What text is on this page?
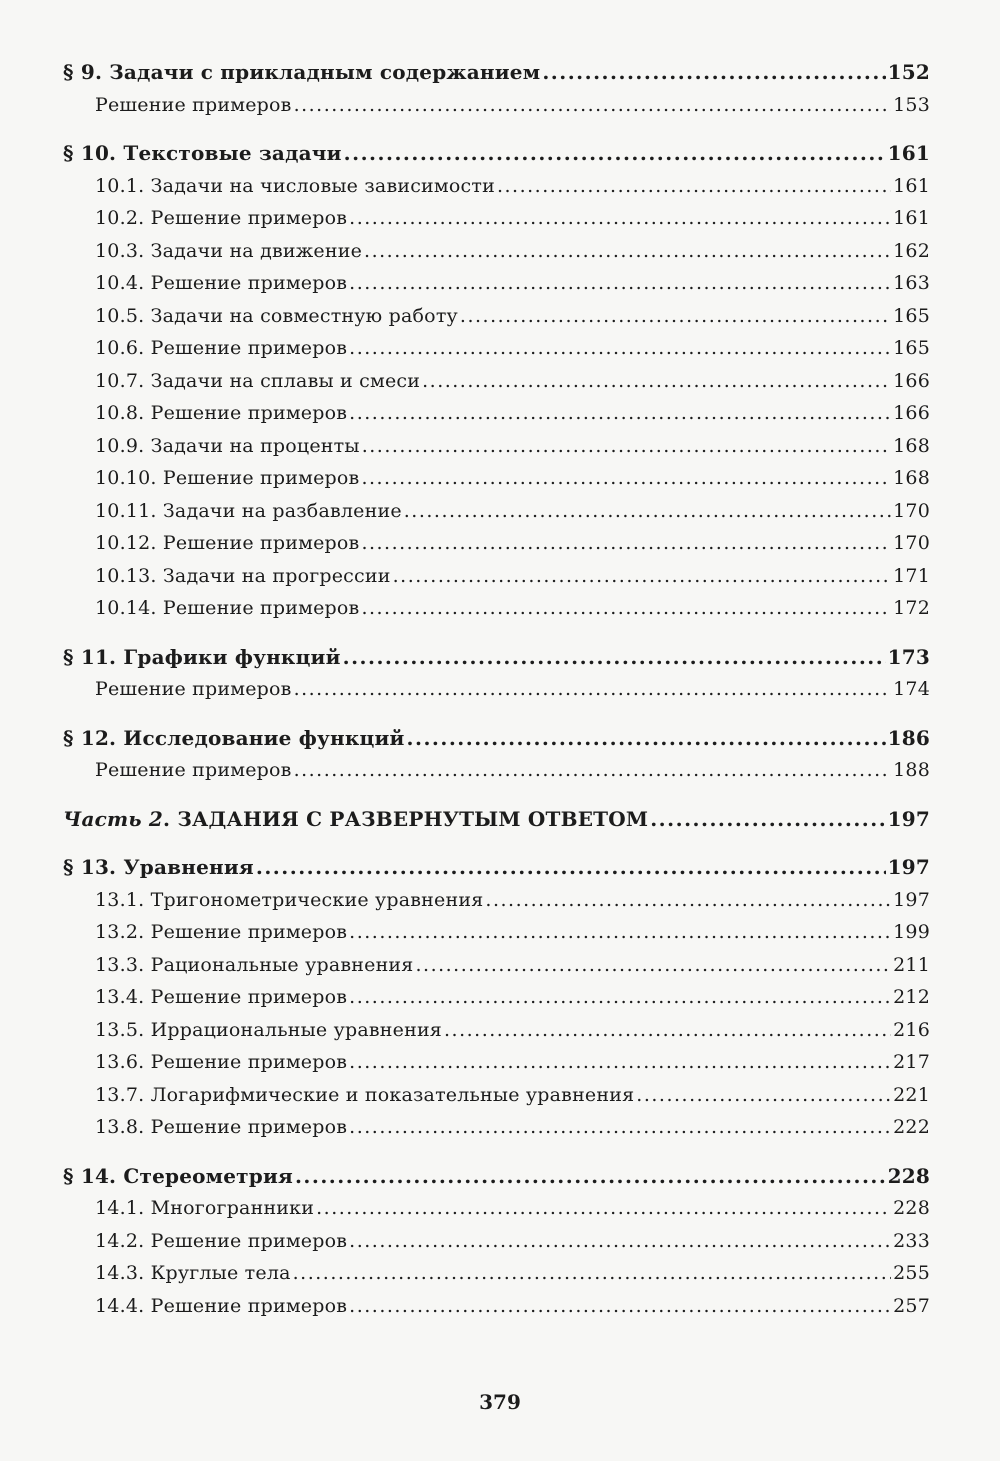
§ 9. Задачи с прикладным содержанием .....	152
Решение примеров .....	153
§ 10. Текстовые задачи .....	161
10.1. Задачи на числовые зависимости .....	161
10.2. Решение примеров .....	161
10.3. Задачи на движение .....	162
10.4. Решение примеров .....	163
10.5. Задачи на совместную работу .....	165
10.6. Решение примеров .....	165
10.7. Задачи на сплавы и смеси .....	166
10.8. Решение примеров .....	166
10.9. Задачи на проценты .....	168
10.10. Решение примеров .....	168
10.11. Задачи на разбавление .....	170
10.12. Решение примеров .....	170
10.13. Задачи на прогрессии .....	171
10.14. Решение примеров .....	172
§ 11. Графики функций .....	173
Решение примеров .....	174
§ 12. Исследование функций .....	186
Решение примеров .....	188
Часть 2. ЗАДАНИЯ С РАЗВЕРНУТЫМ ОТВЕТОМ .....	197
§ 13. Уравнения .....	197
13.1. Тригонометрические уравнения .....	197
13.2. Решение примеров .....	199
13.3. Рациональные уравнения .....	211
13.4. Решение примеров .....	212
13.5. Иррациональные уравнения .....	216
13.6. Решение примеров .....	217
13.7. Логарифмические и показательные уравнения .....	221
13.8. Решение примеров .....	222
§ 14. Стереометрия .....	228
14.1. Многогранники .....	228
14.2. Решение примеров .....	233
14.3. Круглые тела .....	255
14.4. Решение примеров .....	257
379
